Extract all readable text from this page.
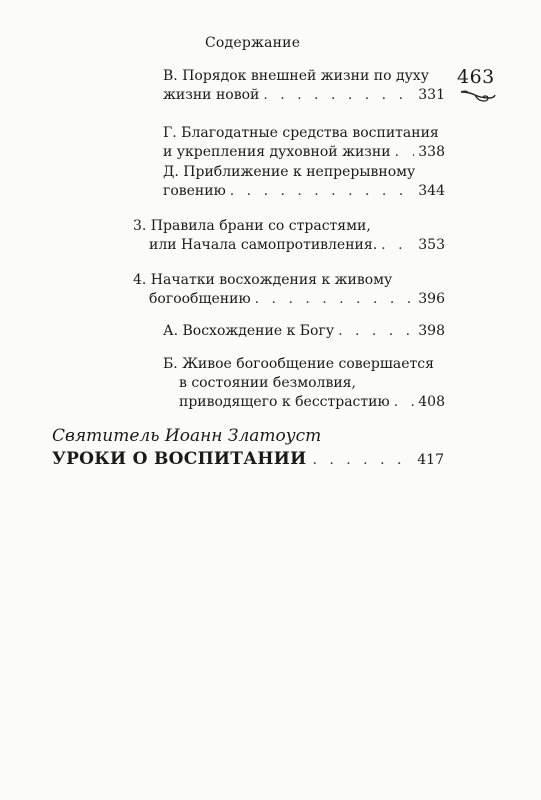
Содержание
463
В. Порядок внешней жизни по духу
жизни новой . . .	331
Г. Благодатные средства воспитания
и укрепления духовной жизни . . . 338
Д. Приближение к непрерывному
говению . . .	344
3. Правила брани со страстями,
или Начала самопротивления. . . .	353
4. Начатки восхождения к живому
богообщению . . .	396
А. Восхождение к Богу . . .	398
Б. Живое богообщение совершается
в состоянии безмолвия,
приводящего к бесстрастию . . . 408
Святитель Иоанн Златоуст
УРОКИ О ВОСПИТАНИИ . . .	417
